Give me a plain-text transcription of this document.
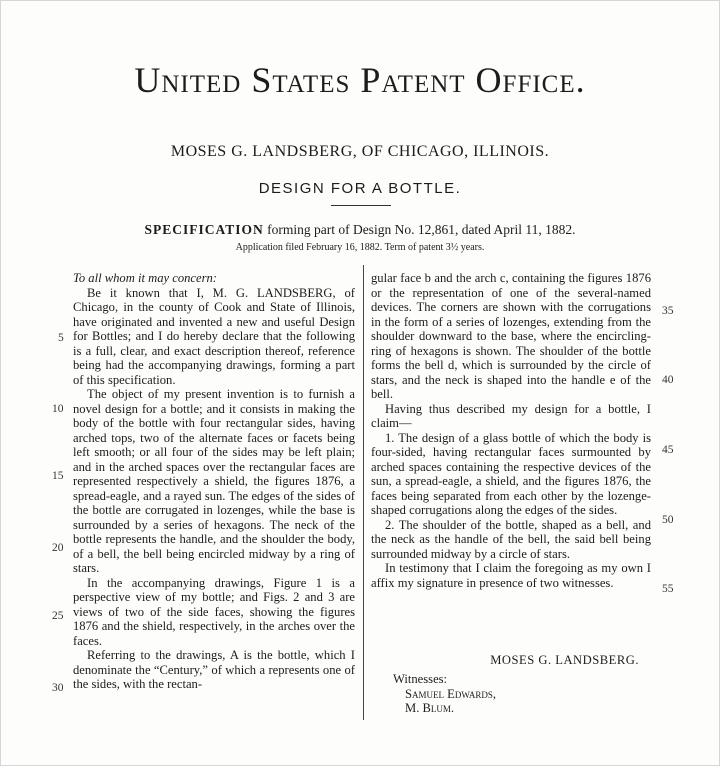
United States Patent Office.
MOSES G. LANDSBERG, OF CHICAGO, ILLINOIS.
DESIGN FOR A BOTTLE.
SPECIFICATION forming part of Design No. 12,861, dated April 11, 1882.
Application filed February 16, 1882. Term of patent 3½ years.

To all whom it may concern:

Be it known that I, M. G. LANDSBERG, of Chicago, in the county of Cook and State of Illinois, have originated and invented a new and useful Design for Bottles; and I do hereby declare that the following is a full, clear, and exact description thereof, reference being had the accompanying drawings, forming a part of this specification.

The object of my present invention is to furnish a novel design for a bottle; and it consists in making the body of the bottle with four rectangular sides, having arched tops, two of the alternate faces or facets being left smooth; or all four of the sides may be left plain; and in the arched spaces over the rectangular faces are represented respectively a shield, the figures 1876, a spread-eagle, and a rayed sun. The edges of the sides of the bottle are corrugated in lozenges, while the base is surrounded by a series of hexagons. The neck of the bottle represents the handle, and the shoulder the body, of a bell, the bell being encircled midway by a ring of stars.

In the accompanying drawings, Figure 1 is a perspective view of my bottle; and Figs. 2 and 3 are views of two of the side faces, showing the figures 1876 and the shield, respectively, in the arches over the faces.

Referring to the drawings, A is the bottle, which I denominate the “Century,” of which a represents one of the sides, with the rectan-

gular face b and the arch c, containing the figures 1876 or the representation of one of the several-named devices. The corners are shown with the corrugations in the form of a series of lozenges, extending from the shoulder downward to the base, where the encircling-ring of hexagons is shown. The shoulder of the bottle forms the bell d, which is surrounded by the circle of stars, and the neck is shaped into the handle e of the bell.

Having thus described my design for a bottle, I claim—

1. The design of a glass bottle of which the body is four-sided, having rectangular faces surmounted by arched spaces containing the respective devices of the sun, a spread-eagle, a shield, and the figures 1876, the faces being separated from each other by the lozenge-shaped corrugations along the edges of the sides.

2. The shoulder of the bottle, shaped as a bell, and the neck as the handle of the bell, the said bell being surrounded midway by a circle of stars.

In testimony that I claim the foregoing as my own I affix my signature in presence of two witnesses.

MOSES G. LANDSBERG.
Witnesses:
Samuel Edwards,
M. Blum.
5
10
15
20
25
30
35
40
45
50
55
